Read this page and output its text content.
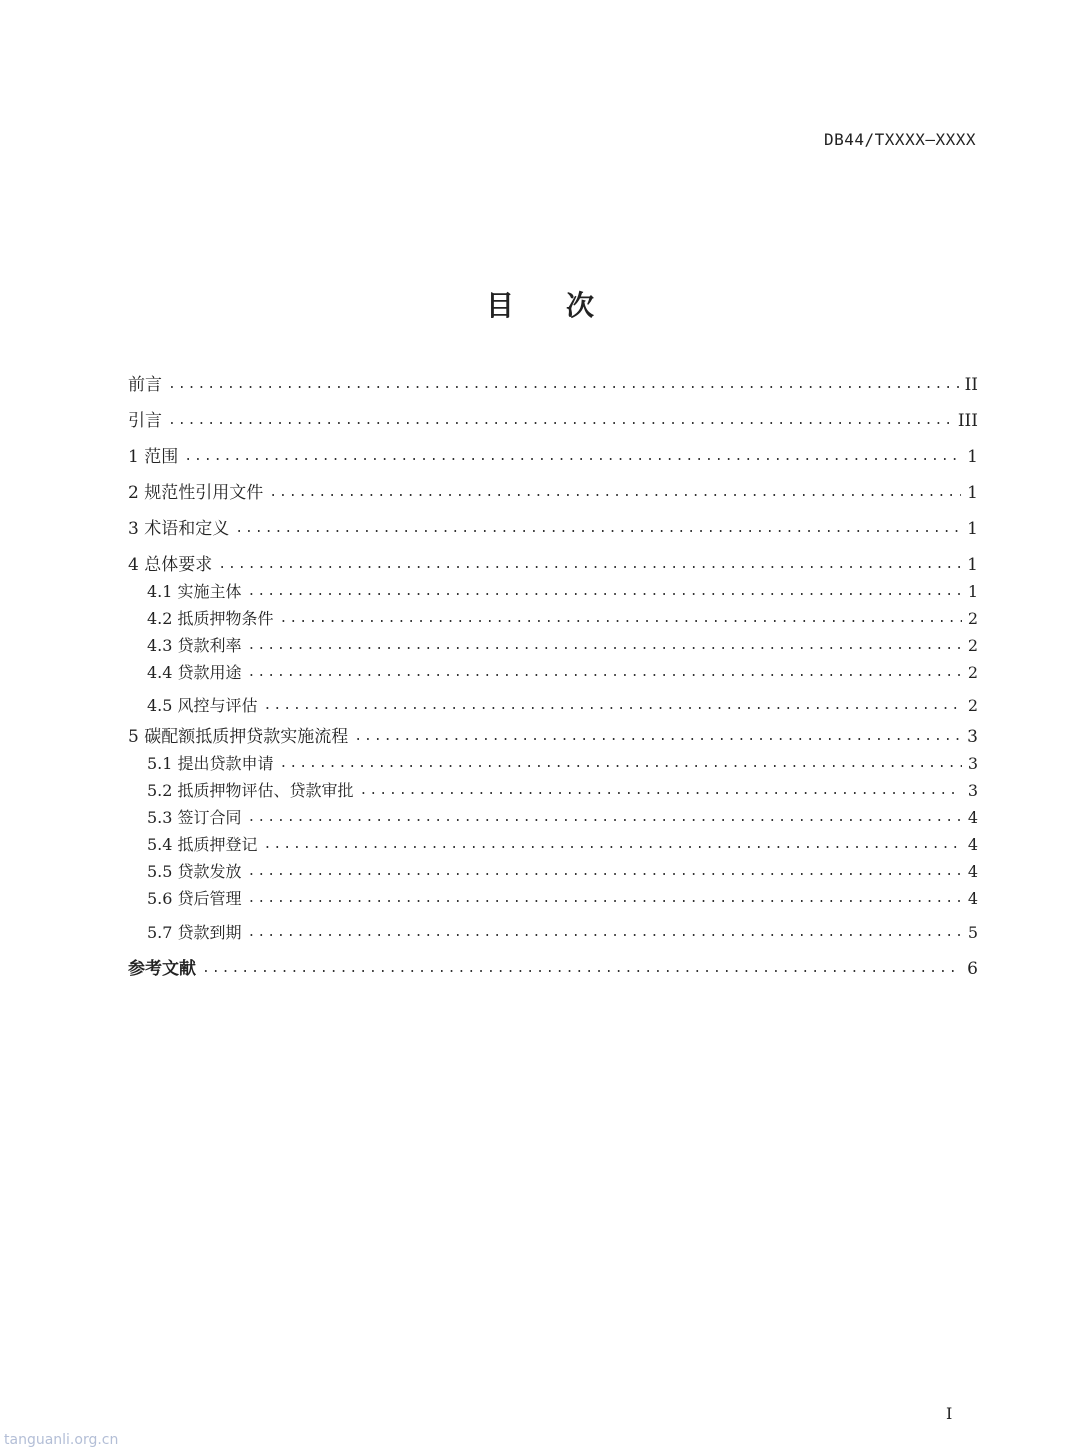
DB44/TXXXX—XXXX
目 次
前言 .....	II
引言 .....	III
1 范围 .....	1
2 规范性引用文件 .....	1
3 术语和定义 .....	1
4 总体要求 .....	1
4.1 实施主体 .....	1
4.2 抵质押物条件 .....	2
4.3 贷款利率 .....	2
4.4 贷款用途 .....	2
4.5 风控与评估 .....	2
5 碳配额抵质押贷款实施流程 .....	3
5.1 提出贷款申请 .....	3
5.2 抵质押物评估、贷款审批 .....	3
5.3 签订合同 .....	4
5.4 抵质押登记 .....	4
5.5 贷款发放 .....	4
5.6 贷后管理 .....	4
5.7 贷款到期 .....	5
参考文献 .....	6
I
tanguanli.org.cn
